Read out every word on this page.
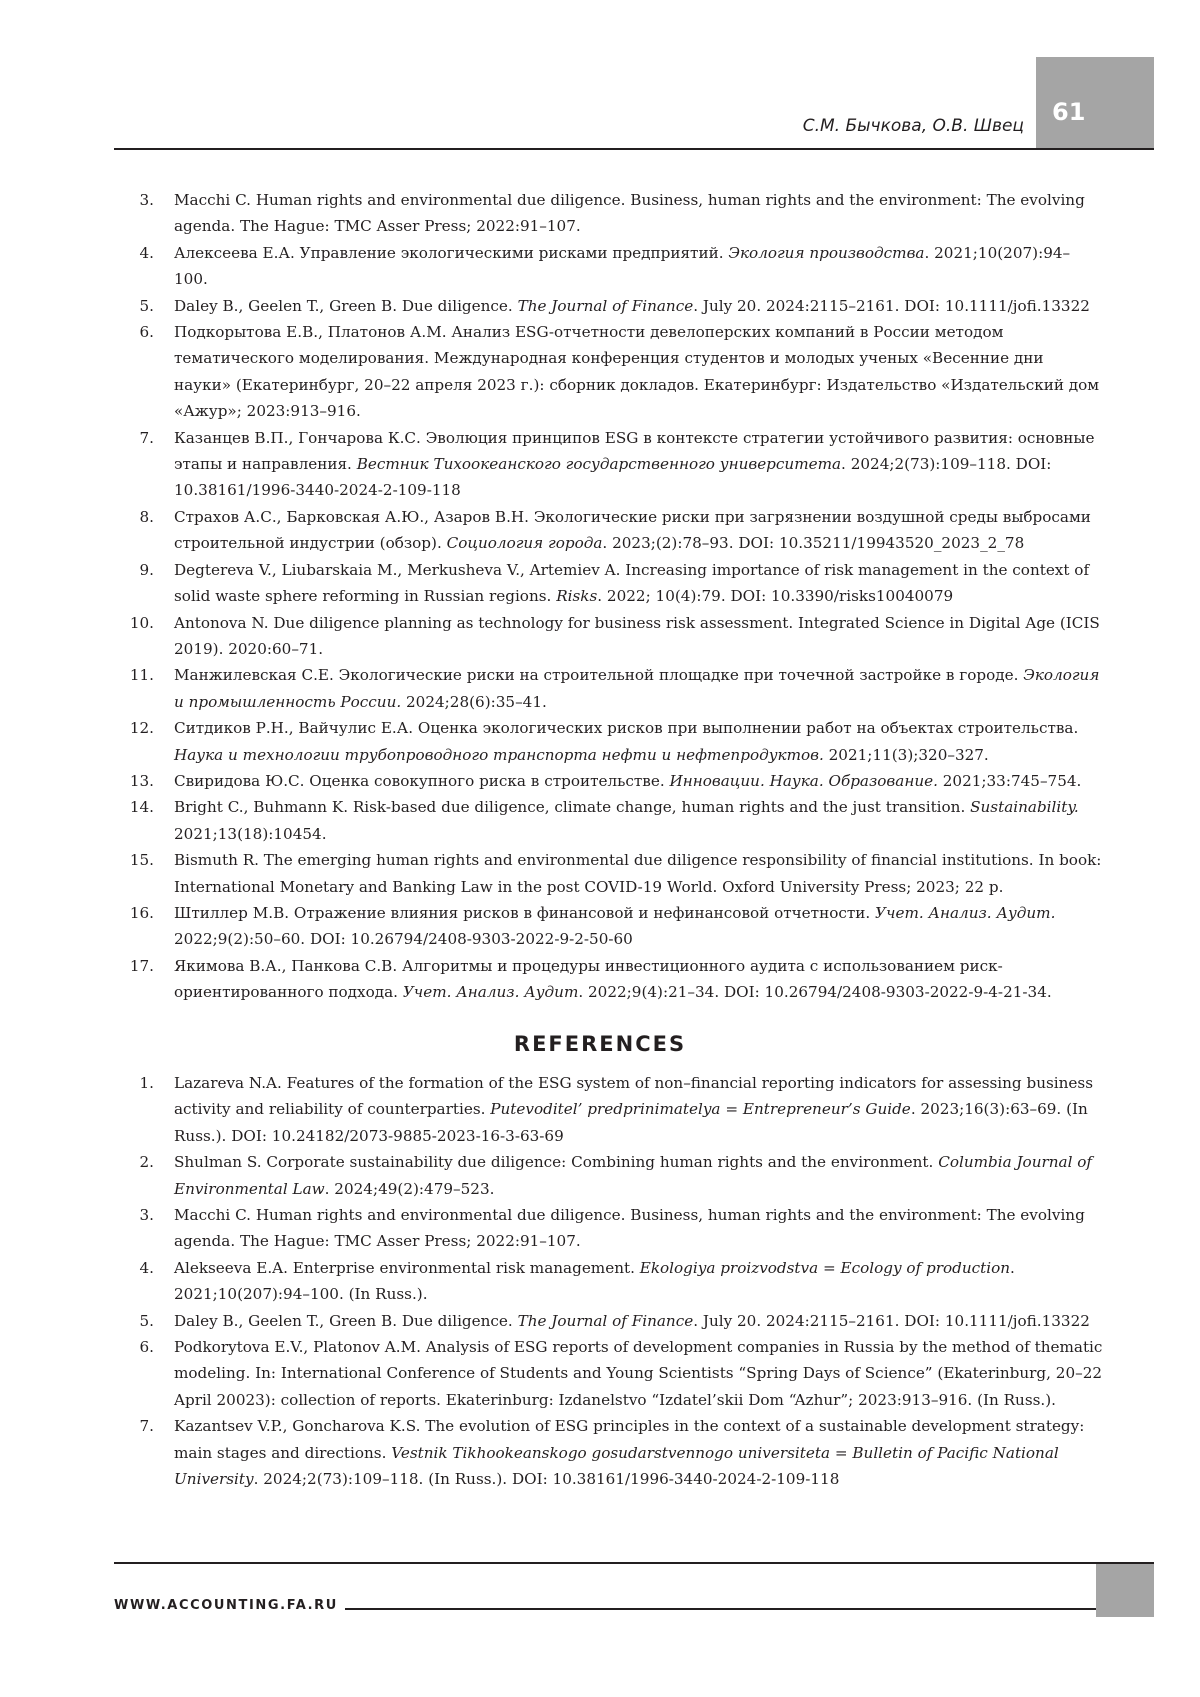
61
С.М. Бычкова, О.В. Швец
3. Macchi C. Human rights and environmental due diligence. Business, human rights and the environment: The evolving agenda. The Hague: TMC Asser Press; 2022:91–107.
4. Алексеева Е.А. Управление экологическими рисками предприятий. Экология производства. 2021;10(207):94–100.
5. Daley B., Geelen T., Green B. Due diligence. The Journal of Finance. July 20. 2024:2115–2161. DOI: 10.1111/jofi.13322
6. Подкорытова Е.В., Платонов А.М. Анализ ESG-отчетности девелоперских компаний в России методом тематического моделирования. Международная конференция студентов и молодых ученых «Весенние дни науки» (Екатеринбург, 20–22 апреля 2023 г.): сборник докладов. Екатеринбург: Издательство «Издательский дом «Ажур»; 2023:913–916.
7. Казанцев В.П., Гончарова К.С. Эволюция принципов ESG в контексте стратегии устойчивого развития: основные этапы и направления. Вестник Тихоокеанского государственного университета. 2024;2(73):109–118. DOI: 10.38161/1996-3440-2024-2-109-118
8. Страхов А.С., Барковская А.Ю., Азаров В.Н. Экологические риски при загрязнении воздушной среды выбросами строительной индустрии (обзор). Социология города. 2023;(2):78–93. DOI: 10.35211/19943520_2023_2_78
9. Degtereva V., Liubarskaia M., Merkusheva V., Artemiev A. Increasing importance of risk management in the context of solid waste sphere reforming in Russian regions. Risks. 2022; 10(4):79. DOI: 10.3390/risks10040079
10. Antonova N. Due diligence planning as technology for business risk assessment. Integrated Science in Digital Age (ICIS 2019). 2020:60–71.
11. Манжилевская С.Е. Экологические риски на строительной площадке при точечной застройке в городе. Экология и промышленность России. 2024;28(6):35–41.
12. Ситдиков Р.Н., Вайчулис Е.А. Оценка экологических рисков при выполнении работ на объектах строительства. Наука и технологии трубопроводного транспорта нефти и нефтепродуктов. 2021;11(3);320–327.
13. Свиридова Ю.С. Оценка совокупного риска в строительстве. Инновации. Наука. Образование. 2021;33:745–754.
14. Bright C., Buhmann K. Risk-based due diligence, climate change, human rights and the just transition. Sustainability. 2021;13(18):10454.
15. Bismuth R. The emerging human rights and environmental due diligence responsibility of financial institutions. In book: International Monetary and Banking Law in the post COVID-19 World. Oxford University Press; 2023; 22 p.
16. Штиллер М.В. Отражение влияния рисков в финансовой и нефинансовой отчетности. Учет. Анализ. Аудит. 2022;9(2):50–60. DOI: 10.26794/2408-9303-2022-9-2-50-60
17. Якимова В.А., Панкова С.В. Алгоритмы и процедуры инвестиционного аудита с использованием риск-ориентированного подхода. Учет. Анализ. Аудит. 2022;9(4):21–34. DOI: 10.26794/2408-9303-2022-9-4-21-34.
REFERENCES
1. Lazareva N.A. Features of the formation of the ESG system of non–financial reporting indicators for assessing business activity and reliability of counterparties. Putevoditel’ predprinimatelya = Entrepreneur’s Guide. 2023;16(3):63–69. (In Russ.). DOI: 10.24182/2073-9885-2023-16-3-63-69
2. Shulman S. Corporate sustainability due diligence: Combining human rights and the environment. Columbia Journal of Environmental Law. 2024;49(2):479–523.
3. Macchi C. Human rights and environmental due diligence. Business, human rights and the environment: The evolving agenda. The Hague: TMC Asser Press; 2022:91–107.
4. Alekseeva E.A. Enterprise environmental risk management. Ekologiya proizvodstva = Ecology of production. 2021;10(207):94–100. (In Russ.).
5. Daley B., Geelen T., Green B. Due diligence. The Journal of Finance. July 20. 2024:2115–2161. DOI: 10.1111/jofi.13322
6. Podkorytova E.V., Platonov A.M. Analysis of ESG reports of development companies in Russia by the method of thematic modeling. In: International Conference of Students and Young Scientists “Spring Days of Science” (Ekaterinburg, 20–22 April 20023): collection of reports. Ekaterinburg: Izdanelstvo “Izdatel’skii Dom “Azhur”; 2023:913–916. (In Russ.).
7. Kazantsev V.P., Goncharova K.S. The evolution of ESG principles in the context of a sustainable development strategy: main stages and directions. Vestnik Tikhookeanskogo gosudarstvennogo universiteta = Bulletin of Pacific National University. 2024;2(73):109–118. (In Russ.). DOI: 10.38161/1996-3440-2024-2-109-118
WWW.ACCOUNTING.FA.RU
